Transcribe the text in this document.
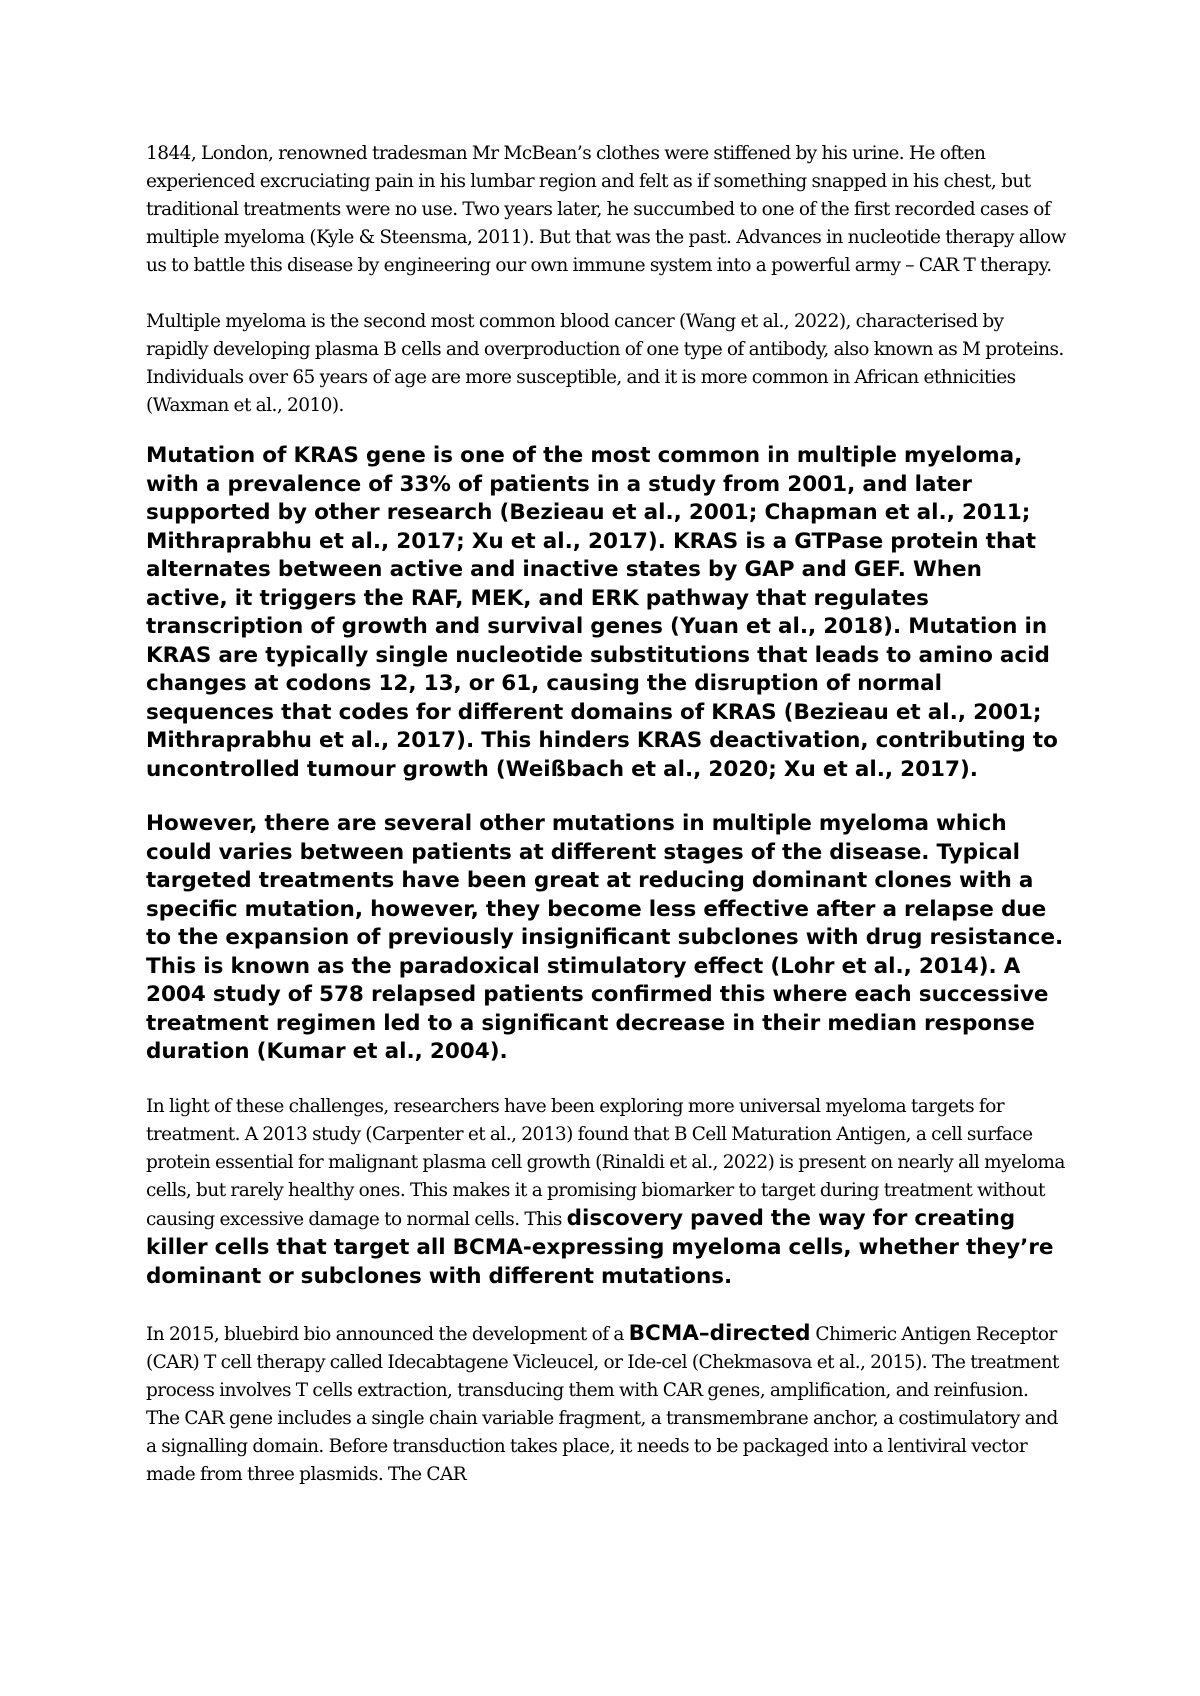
1844, London, renowned tradesman Mr McBean’s clothes were stiffened by his urine. He often experienced excruciating pain in his lumbar region and felt as if something snapped in his chest, but traditional treatments were no use. Two years later, he succumbed to one of the first recorded cases of multiple myeloma (Kyle & Steensma, 2011). But that was the past. Advances in nucleotide therapy allow us to battle this disease by engineering our own immune system into a powerful army – CAR T therapy.

Multiple myeloma is the second most common blood cancer (Wang et al., 2022), characterised by rapidly developing plasma B cells and overproduction of one type of antibody, also known as M proteins. Individuals over 65 years of age are more susceptible, and it is more common in African ethnicities (Waxman et al., 2010).

Mutation of KRAS gene is one of the most common in multiple myeloma, with a prevalence of 33% of patients in a study from 2001, and later supported by other research (Bezieau et al., 2001; Chapman et al., 2011; Mithraprabhu et al., 2017; Xu et al., 2017). KRAS is a GTPase protein that alternates between active and inactive states by GAP and GEF. When active, it triggers the RAF, MEK, and ERK pathway that regulates transcription of growth and survival genes (Yuan et al., 2018). Mutation in KRAS are typically single nucleotide substitutions that leads to amino acid changes at codons 12, 13, or 61, causing the disruption of normal sequences that codes for different domains of KRAS (Bezieau et al., 2001; Mithraprabhu et al., 2017). This hinders KRAS deactivation, contributing to uncontrolled tumour growth (Weißbach et al., 2020; Xu et al., 2017).

However, there are several other mutations in multiple myeloma which could varies between patients at different stages of the disease. Typical targeted treatments have been great at reducing dominant clones with a specific mutation, however, they become less effective after a relapse due to the expansion of previously insignificant subclones with drug resistance. This is known as the paradoxical stimulatory effect (Lohr et al., 2014). A 2004 study of 578 relapsed patients confirmed this where each successive treatment regimen led to a significant decrease in their median response duration (Kumar et al., 2004).

In light of these challenges, researchers have been exploring more universal myeloma targets for treatment. A 2013 study (Carpenter et al., 2013) found that B Cell Maturation Antigen, a cell surface protein essential for malignant plasma cell growth (Rinaldi et al., 2022) is present on nearly all myeloma cells, but rarely healthy ones. This makes it a promising biomarker to target during treatment without causing excessive damage to normal cells. This discovery paved the way for creating killer cells that target all BCMA-expressing myeloma cells, whether they’re dominant or subclones with different mutations.

In 2015, bluebird bio announced the development of a BCMA–directed Chimeric Antigen Receptor (CAR) T cell therapy called Idecabtagene Vicleucel, or Ide-cel (Chekmasova et al., 2015). The treatment process involves T cells extraction, transducing them with CAR genes, amplification, and reinfusion. The CAR gene includes a single chain variable fragment, a transmembrane anchor, a costimulatory and a signalling domain. Before transduction takes place, it needs to be packaged into a lentiviral vector made from three plasmids. The CAR
